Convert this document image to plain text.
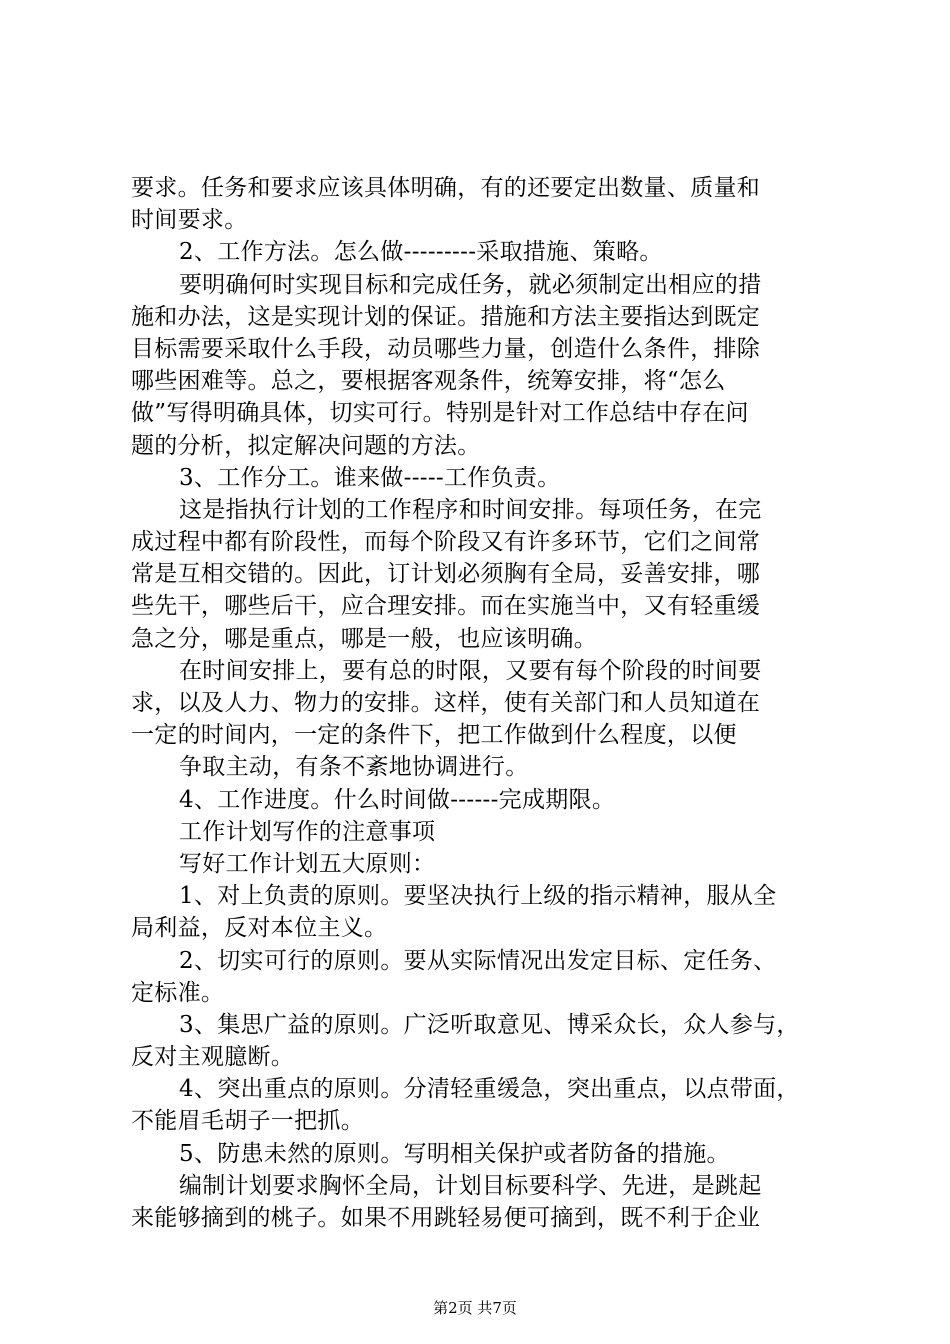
要求。任务和要求应该具体明确，有的还要定出数量、质量和
时间要求。
2、工作方法。怎么做---------采取措施、策略。
要明确何时实现目标和完成任务，就必须制定出相应的措
施和办法，这是实现计划的保证。措施和方法主要指达到既定
目标需要采取什么手段，动员哪些力量，创造什么条件，排除
哪些困难等。总之，要根据客观条件，统筹安排，将“怎么
做”写得明确具体，切实可行。特别是针对工作总结中存在问
题的分析，拟定解决问题的方法。
3、工作分工。谁来做-----工作负责。
这是指执行计划的工作程序和时间安排。每项任务，在完
成过程中都有阶段性，而每个阶段又有许多环节，它们之间常
常是互相交错的。因此，订计划必须胸有全局，妥善安排，哪
些先干，哪些后干，应合理安排。而在实施当中，又有轻重缓
急之分，哪是重点，哪是一般，也应该明确。
在时间安排上，要有总的时限，又要有每个阶段的时间要
求，以及人力、物力的安排。这样，使有关部门和人员知道在
一定的时间内，一定的条件下，把工作做到什么程度，以便
争取主动，有条不紊地协调进行。
4、工作进度。什么时间做------完成期限。
工作计划写作的注意事项
写好工作计划五大原则：
1、对上负责的原则。要坚决执行上级的指示精神，服从全
局利益，反对本位主义。
2、切实可行的原则。要从实际情况出发定目标、定任务、
定标准。
3、集思广益的原则。广泛听取意见、博采众长，众人参与，
反对主观臆断。
4、突出重点的原则。分清轻重缓急，突出重点，以点带面，
不能眉毛胡子一把抓。
5、防患未然的原则。写明相关保护或者防备的措施。
编制计划要求胸怀全局，计划目标要科学、先进，是跳起
来能够摘到的桃子。如果不用跳轻易便可摘到，既不利于企业
第2页 共7页
